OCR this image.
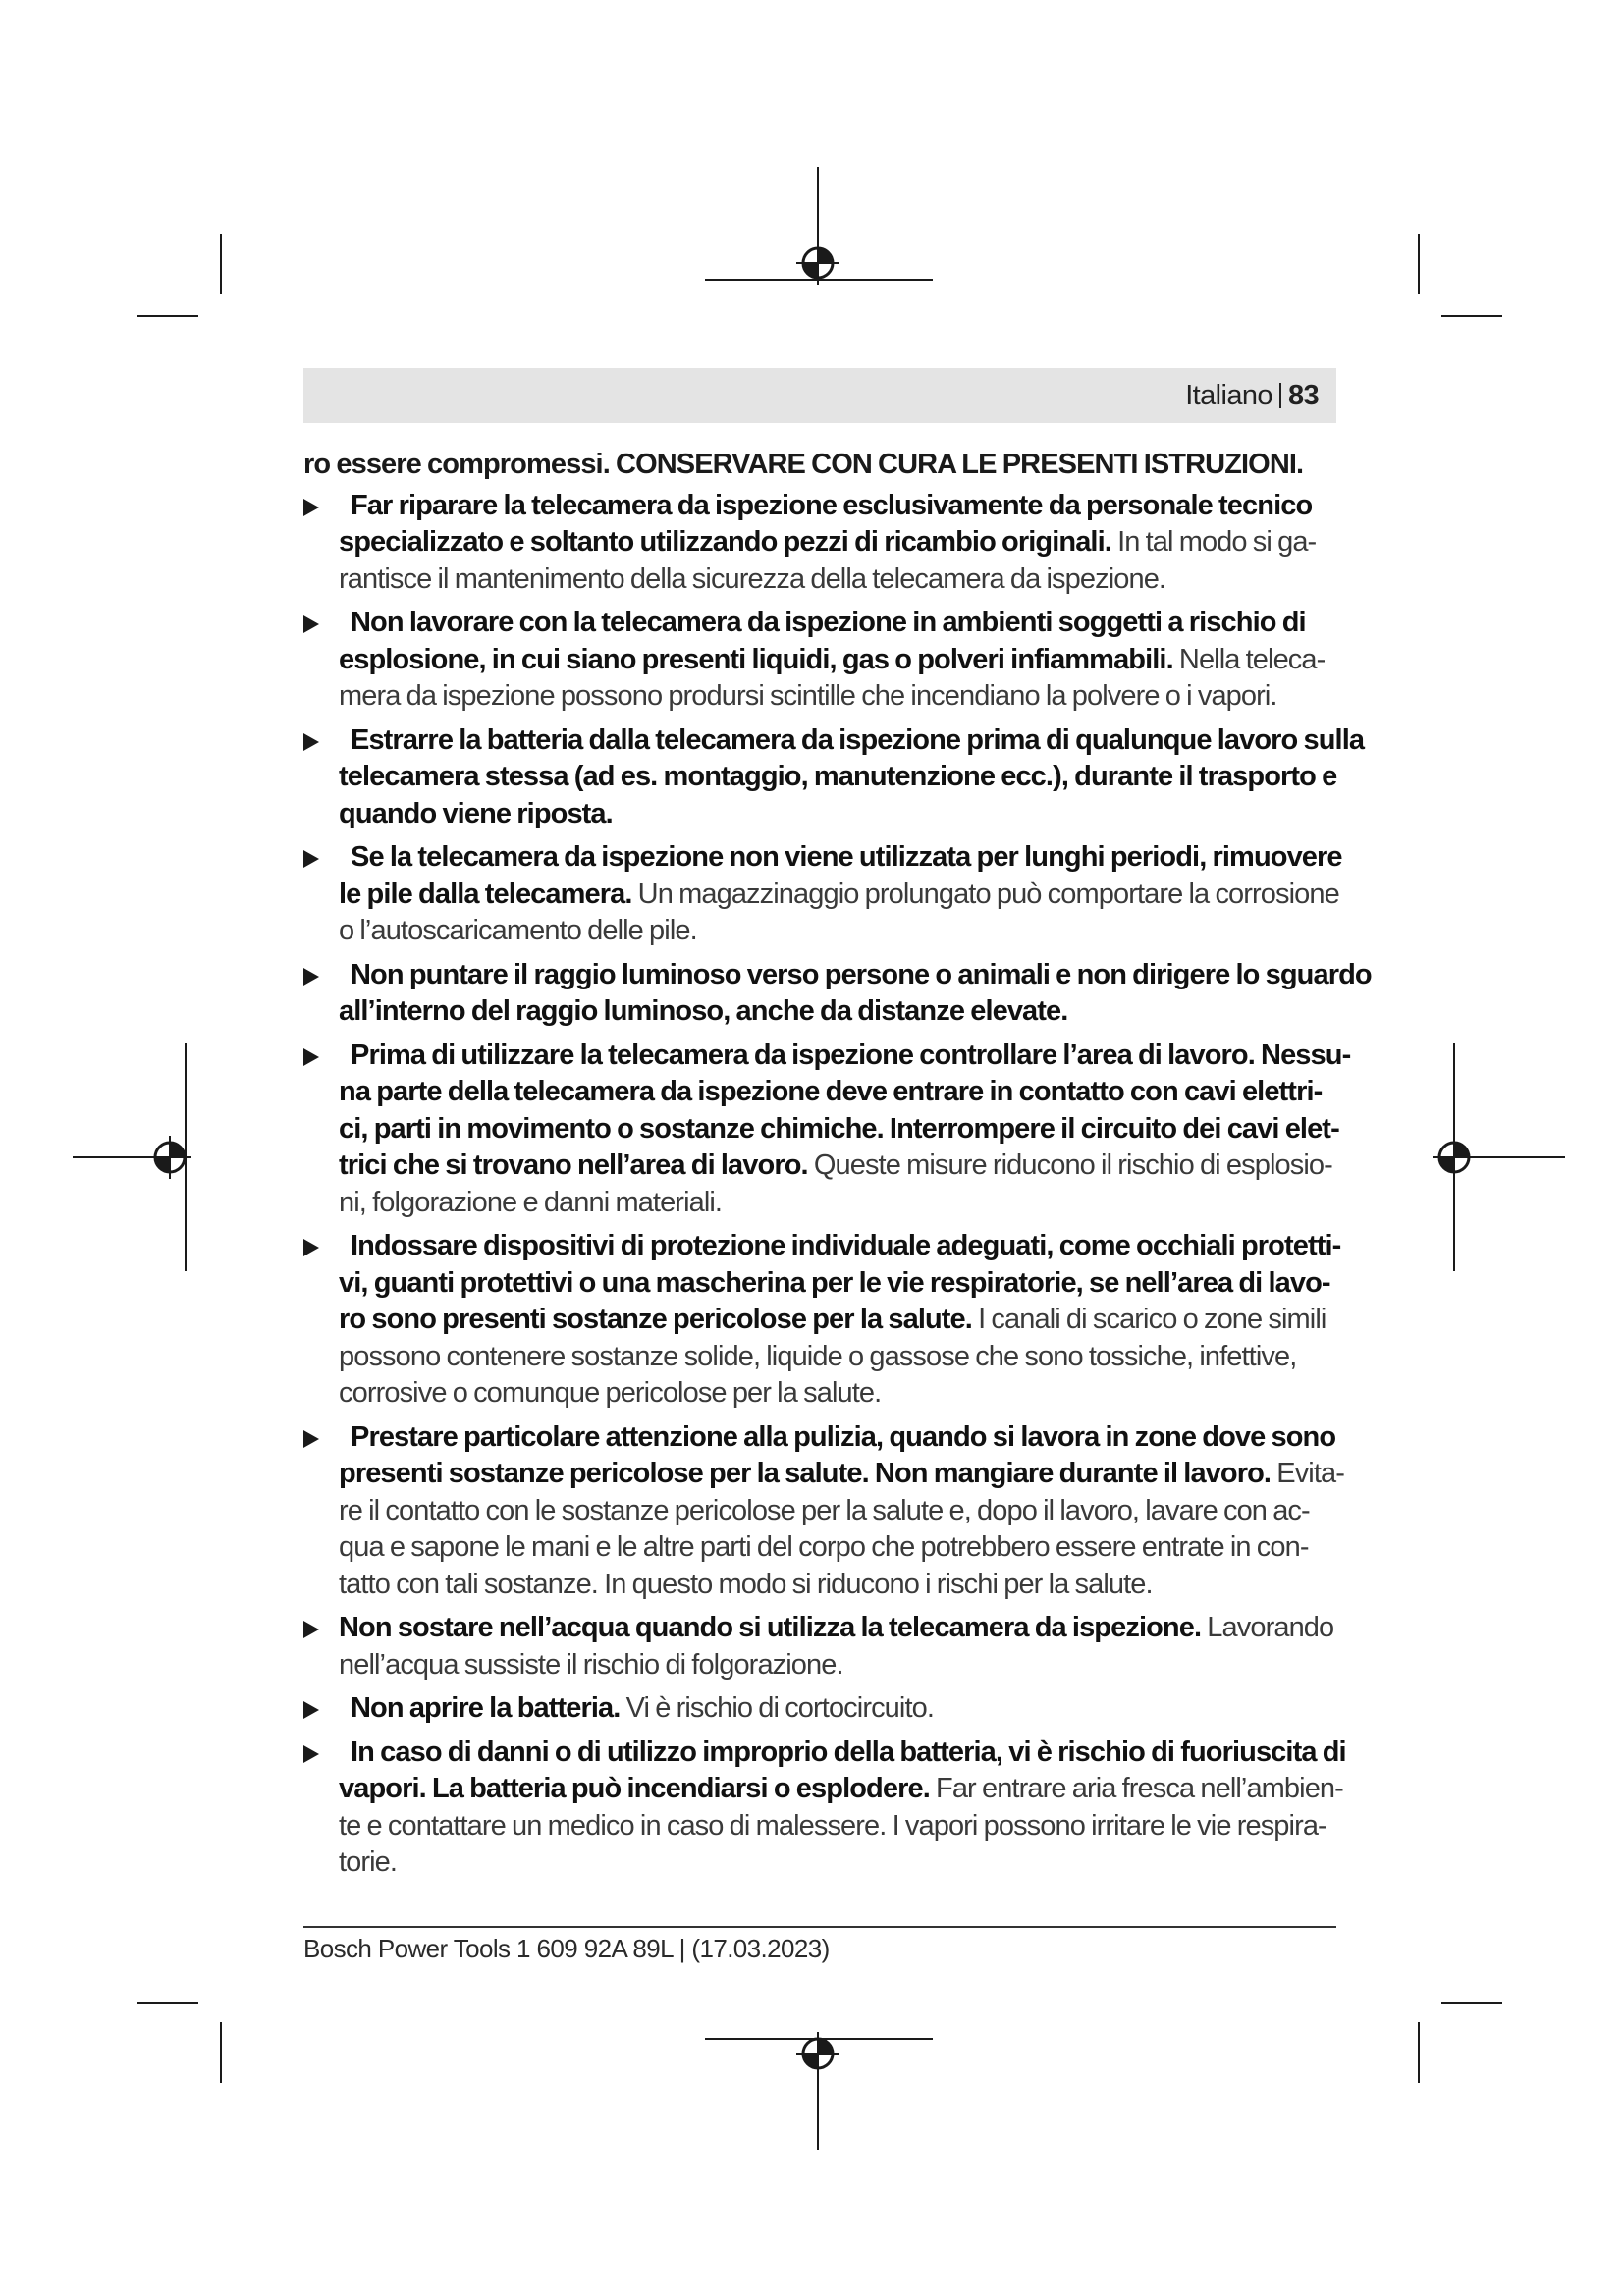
Italiano 83
ro essere compromessi. CONSERVARE CON CURA LE PRESENTI ISTRUZIONI.
Far riparare la telecamera da ispezione esclusivamente da personale tecnico
specializzato e soltanto utilizzando pezzi di ricambio originali. In tal modo si ga-
rantisce il mantenimento della sicurezza della telecamera da ispezione.
Non lavorare con la telecamera da ispezione in ambienti soggetti a rischio di
esplosione, in cui siano presenti liquidi, gas o polveri infiammabili. Nella teleca-
mera da ispezione possono prodursi scintille che incendiano la polvere o i vapori.
Estrarre la batteria dalla telecamera da ispezione prima di qualunque lavoro sulla
telecamera stessa (ad es. montaggio, manutenzione ecc.), durante il trasporto e
quando viene riposta.
Se la telecamera da ispezione non viene utilizzata per lunghi periodi, rimuovere
le pile dalla telecamera. Un magazzinaggio prolungato può comportare la corrosione
o l’autoscaricamento delle pile.
Non puntare il raggio luminoso verso persone o animali e non dirigere lo sguardo
all’interno del raggio luminoso, anche da distanze elevate.
Prima di utilizzare la telecamera da ispezione controllare l’area di lavoro. Nessu-
na parte della telecamera da ispezione deve entrare in contatto con cavi elettri-
ci, parti in movimento o sostanze chimiche. Interrompere il circuito dei cavi elet-
trici che si trovano nell’area di lavoro. Queste misure riducono il rischio di esplosio-
ni, folgorazione e danni materiali.
Indossare dispositivi di protezione individuale adeguati, come occhiali protetti-
vi, guanti protettivi o una mascherina per le vie respiratorie, se nell’area di lavo-
ro sono presenti sostanze pericolose per la salute. I canali di scarico o zone simili
possono contenere sostanze solide, liquide o gassose che sono tossiche, infettive,
corrosive o comunque pericolose per la salute.
Prestare particolare attenzione alla pulizia, quando si lavora in zone dove sono
presenti sostanze pericolose per la salute. Non mangiare durante il lavoro. Evita-
re il contatto con le sostanze pericolose per la salute e, dopo il lavoro, lavare con ac-
qua e sapone le mani e le altre parti del corpo che potrebbero essere entrate in con-
tatto con tali sostanze. In questo modo si riducono i rischi per la salute.
Non sostare nell’acqua quando si utilizza la telecamera da ispezione. Lavorando
nell’acqua sussiste il rischio di folgorazione.
Non aprire la batteria. Vi è rischio di cortocircuito.
In caso di danni o di utilizzo improprio della batteria, vi è rischio di fuoriuscita di
vapori. La batteria può incendiarsi o esplodere. Far entrare aria fresca nell’ambien-
te e contattare un medico in caso di malessere. I vapori possono irritare le vie respira-
torie.
Bosch Power Tools 1 609 92A 89L | (17.03.2023)
